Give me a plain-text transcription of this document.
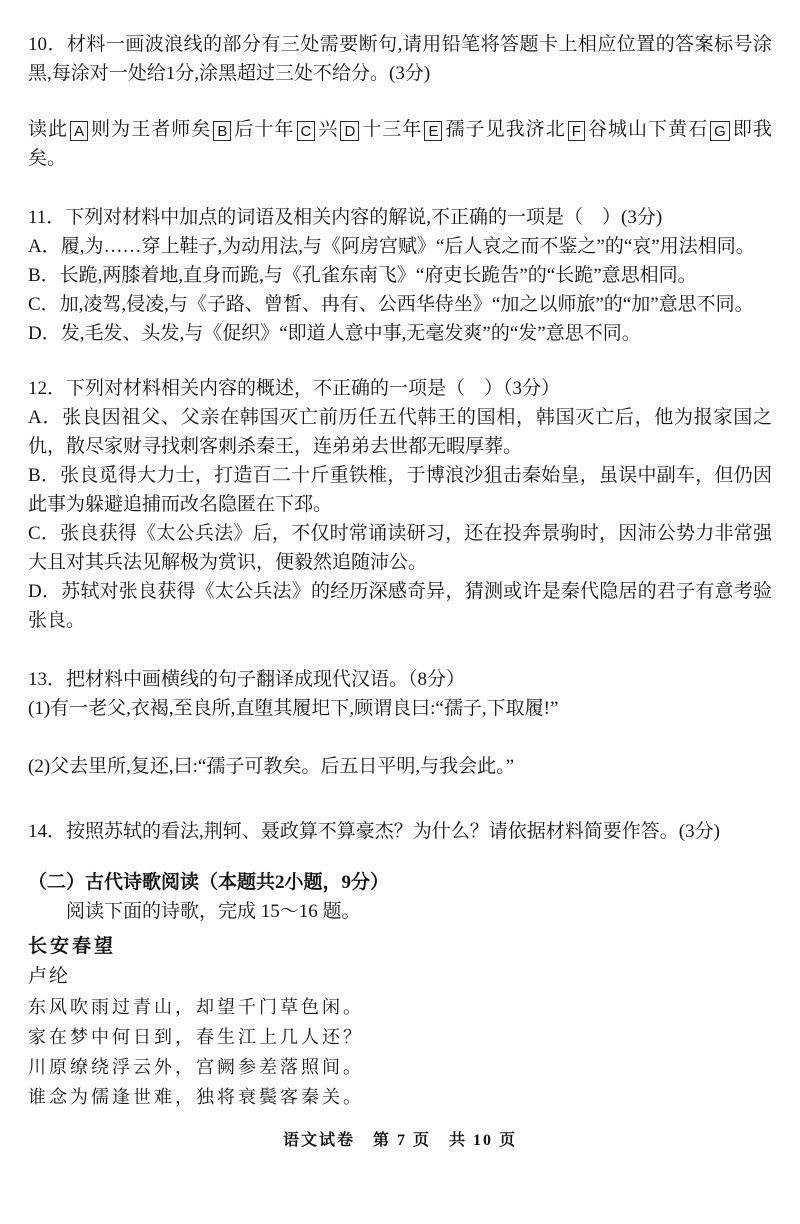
10．材料一画波浪线的部分有三处需要断句,请用铅笔将答题卡上相应位置的答案标号涂黑,每涂对一处给1分,涂黑超过三处不给分。(3分)

读此 A 则为王者师矣 B 后十年 C 兴 D 十三年 E 孺子见我济北 F 谷城山下黄石 G 即我矣。

11．下列对材料中加点的词语及相关内容的解说,不正确的一项是（　）(3分)

A．履,为……穿上鞋子,为动用法,与《阿房宫赋》“后人哀之而不鉴之”的“哀”用法相同。

B．长跪,两膝着地,直身而跪,与《孔雀东南飞》“府吏长跪告”的“长跪”意思相同。

C．加,凌驾,侵凌,与《子路、曾皙、冉有、公西华侍坐》“加之以师旅”的“加”意思不同。

D．发,毛发、头发,与《促织》“即道人意中事,无毫发爽”的“发”意思不同。

12．下列对材料相关内容的概述，不正确的一项是（　）（3分）

A．张良因祖父、父亲在韩国灭亡前历任五代韩王的国相，韩国灭亡后，他为报家国之仇，散尽家财寻找刺客刺杀秦王，连弟弟去世都无暇厚葬。

B．张良觅得大力士，打造百二十斤重铁椎，于博浪沙狙击秦始皇，虽误中副车，但仍因此事为躲避追捕而改名隐匿在下邳。

C．张良获得《太公兵法》后，不仅时常诵读研习，还在投奔景驹时，因沛公势力非常强大且对其兵法见解极为赏识，便毅然追随沛公。

D．苏轼对张良获得《太公兵法》的经历深感奇异，猜测或许是秦代隐居的君子有意考验张良。

13．把材料中画横线的句子翻译成现代汉语。（8分）

(1)有一老父,衣褐,至良所,直堕其履圯下,顾谓良曰:“孺子,下取履!”

(2)父去里所,复还,曰:“孺子可教矣。后五日平明,与我会此。”

14．按照苏轼的看法,荆轲、聂政算不算豪杰？为什么？请依据材料简要作答。(3分)

（二）古代诗歌阅读（本题共2小题，9分）

阅读下面的诗歌，完成 15～16 题。

长安春望

卢纶

东风吹雨过青山，却望千门草色闲。

家在梦中何日到，春生江上几人还？

川原缭绕浮云外，宫阙参差落照间。

谁念为儒逢世难，独将衰鬓客秦关。

语文试卷　第 7 页　共 10 页
